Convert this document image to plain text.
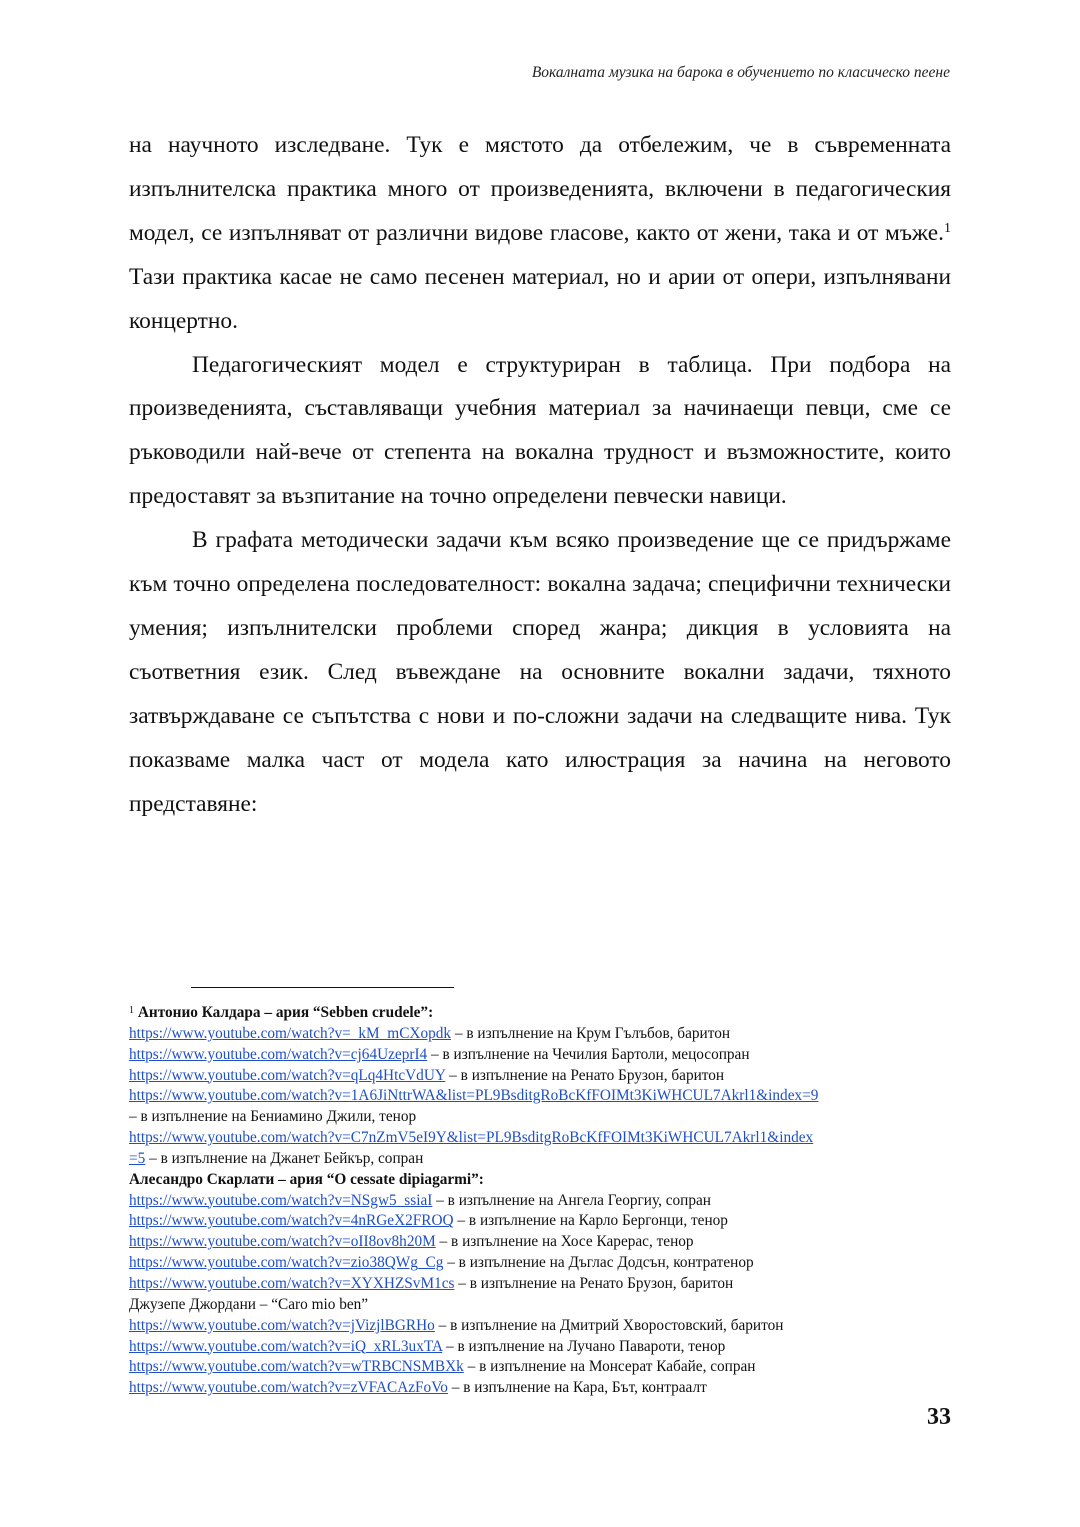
Вокалната музика на барока в обучението по класическо пеене

на научното изследване. Тук е мястото да отбележим, че в съвременната изпълнителска практика много от произведенията, включени в педагогическия модел, се изпълняват от различни видове гласове, както от жени, така и от мъже.$^1$ Тази практика касае не само песенен материал, но и арии от опери, изпълнявани концертно.

Педагогическият модел е структуриран в таблица. При подбора на произведенията, съставляващи учебния материал за начинаещи певци, сме се ръководили най-вече от степента на вокална трудност и възможностите, които предоставят за възпитание на точно определени певчески навици.

В графата методически задачи към всяко произведение ще се придържаме към точно определена последователност: вокална задача; специфични технически умения; изпълнителски проблеми според жанра; дикция в условията на съответния език. След въвеждане на основните вокални задачи, тяхното затвърждаване се съпътства с нови и по-сложни задачи на следващите нива. Тук показваме малка част от модела като илюстрация за начина на неговото представяне:

$^1$ Антонио Калдара – ария “Sebben crudele”:
https://www.youtube.com/watch?v=_kM_mCXopdk – в изпълнение на Крум Гълъбов, баритон
https://www.youtube.com/watch?v=cj64UzeprI4 – в изпълнение на Чечилия Бартоли, мецосопран
https://www.youtube.com/watch?v=qLq4HtcVdUY – в изпълнение на Ренато Брузон, баритон
https://www.youtube.com/watch?v=1A6JiNttrWA&list=PL9BsditgRoBcKfFOIMt3KiWHCUL7Akrl1&index=9
– в изпълнение на Бениамино Джили, тенор
https://www.youtube.com/watch?v=C7nZmV5eI9Y&list=PL9BsditgRoBcKfFOIMt3KiWHCUL7Akrl1&index
=5 – в изпълнение на Джанет Бейкър, сопран
Алесандро Скарлати – ария “O cessate dipiagarmi”:
https://www.youtube.com/watch?v=NSgw5_ssiaI – в изпълнение на Ангела Георгиу, сопран
https://www.youtube.com/watch?v=4nRGeX2FROQ – в изпълнение на Карло Бергонци, тенор
https://www.youtube.com/watch?v=oII8ov8h20M – в изпълнение на Хосе Карерас, тенор
https://www.youtube.com/watch?v=zio38QWg_Cg – в изпълнение на Дъглас Додсън, контратенор
https://www.youtube.com/watch?v=XYXHZSvM1cs – в изпълнение на Ренато Брузон, баритон
Джузепе Джордани – “Caro mio ben”
https://www.youtube.com/watch?v=jVizjlBGRHo – в изпълнение на Дмитрий Хворостовский, баритон
https://www.youtube.com/watch?v=iQ_xRL3uxTA – в изпълнение на Лучано Павароти, тенор
https://www.youtube.com/watch?v=wTRBCNSMBXk – в изпълнение на Монсерат Кабайе, сопран
https://www.youtube.com/watch?v=zVFACAzFoVo – в изпълнение на Кара, Бът, контраалт
33
